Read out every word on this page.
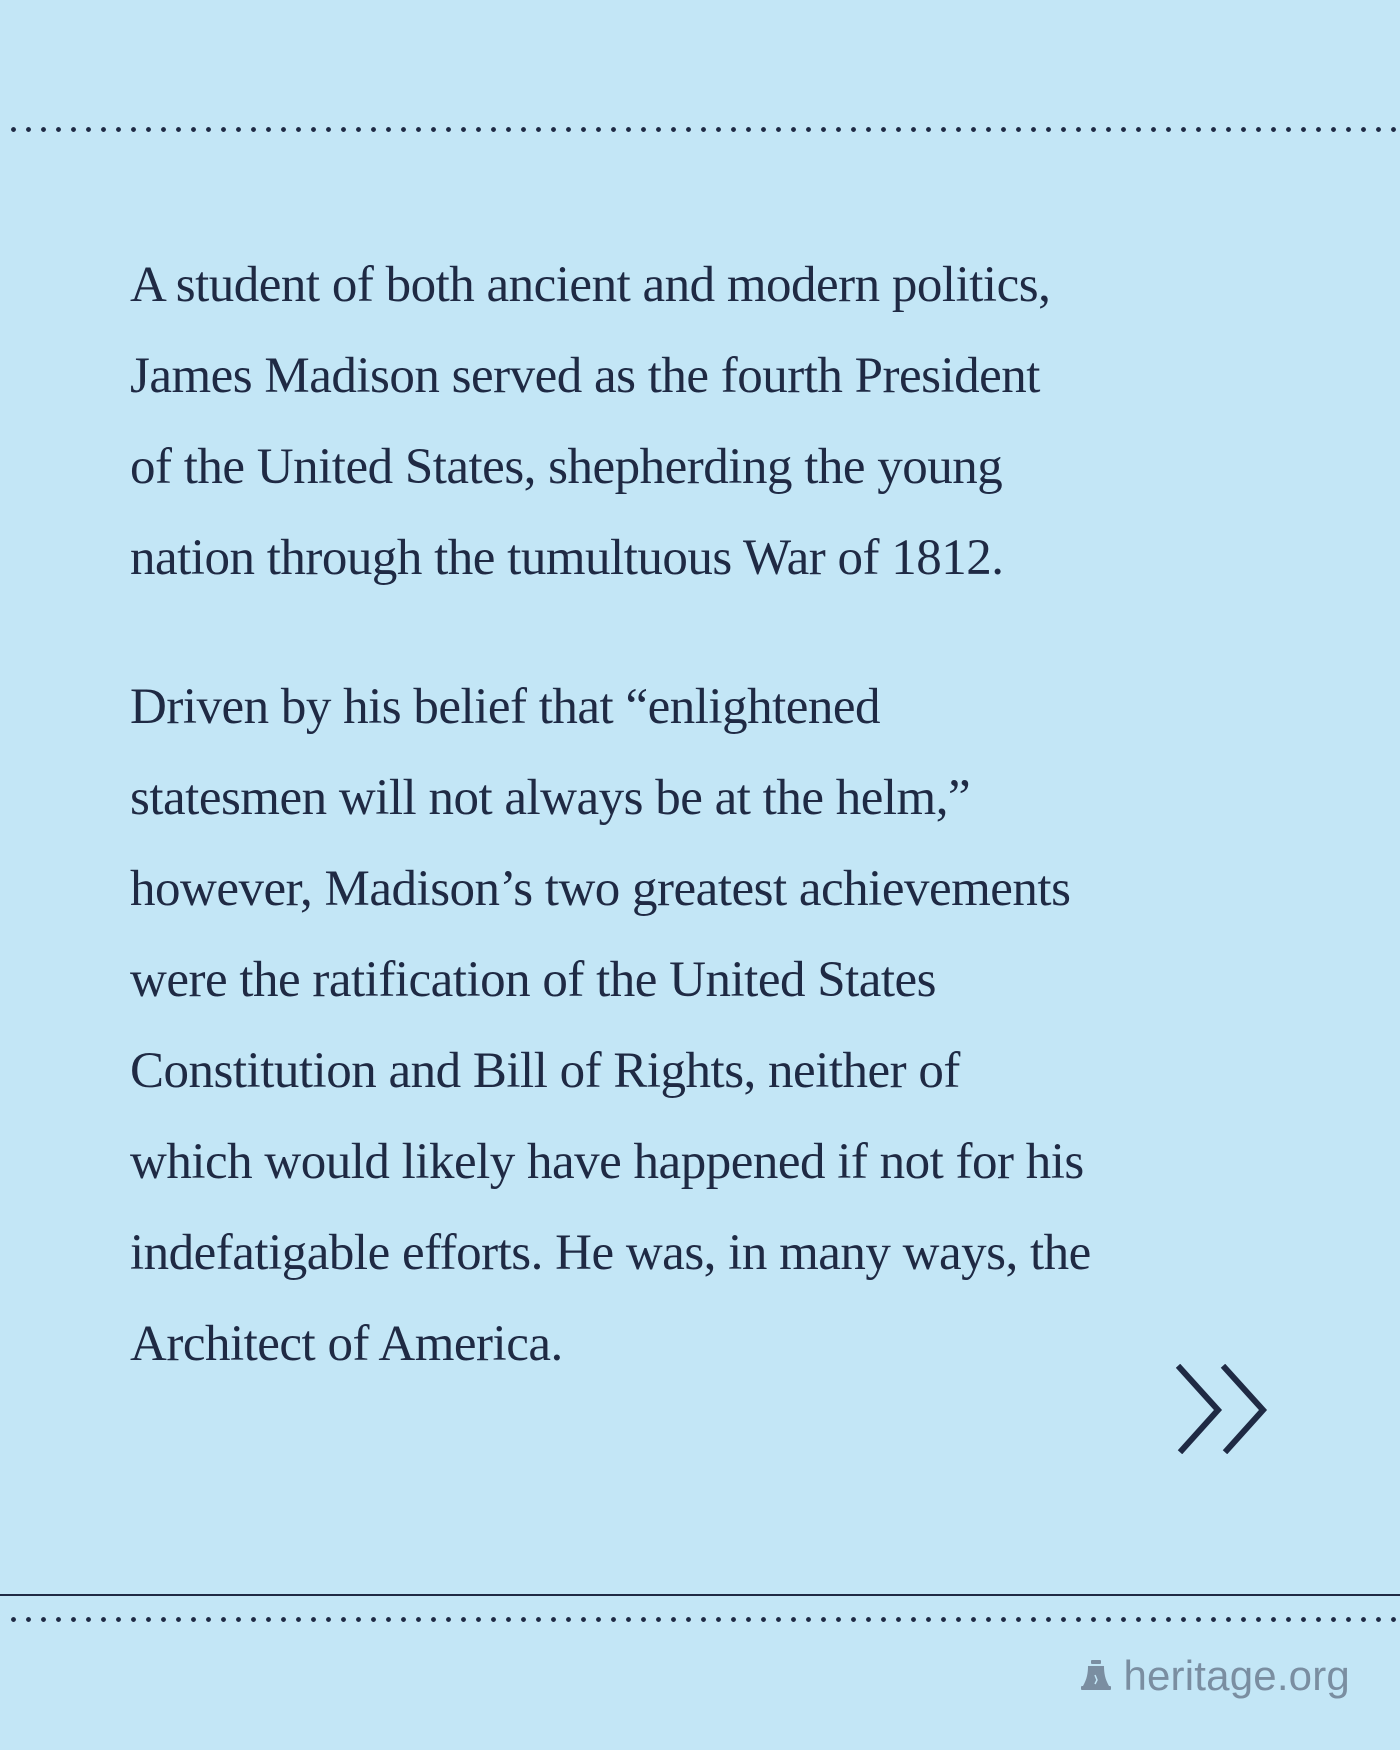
A student of both ancient and modern politics,
James Madison served as the fourth President
of the United States, shepherding the young
nation through the tumultuous War of 1812.

Driven by his belief that “enlightened
statesmen will not always be at the helm,”
however, Madison’s two greatest achievements
were the ratification of the United States
Constitution and Bill of Rights, neither of
which would likely have happened if not for his
indefatigable efforts. He was, in many ways, the
Architect of America.

heritage.org
